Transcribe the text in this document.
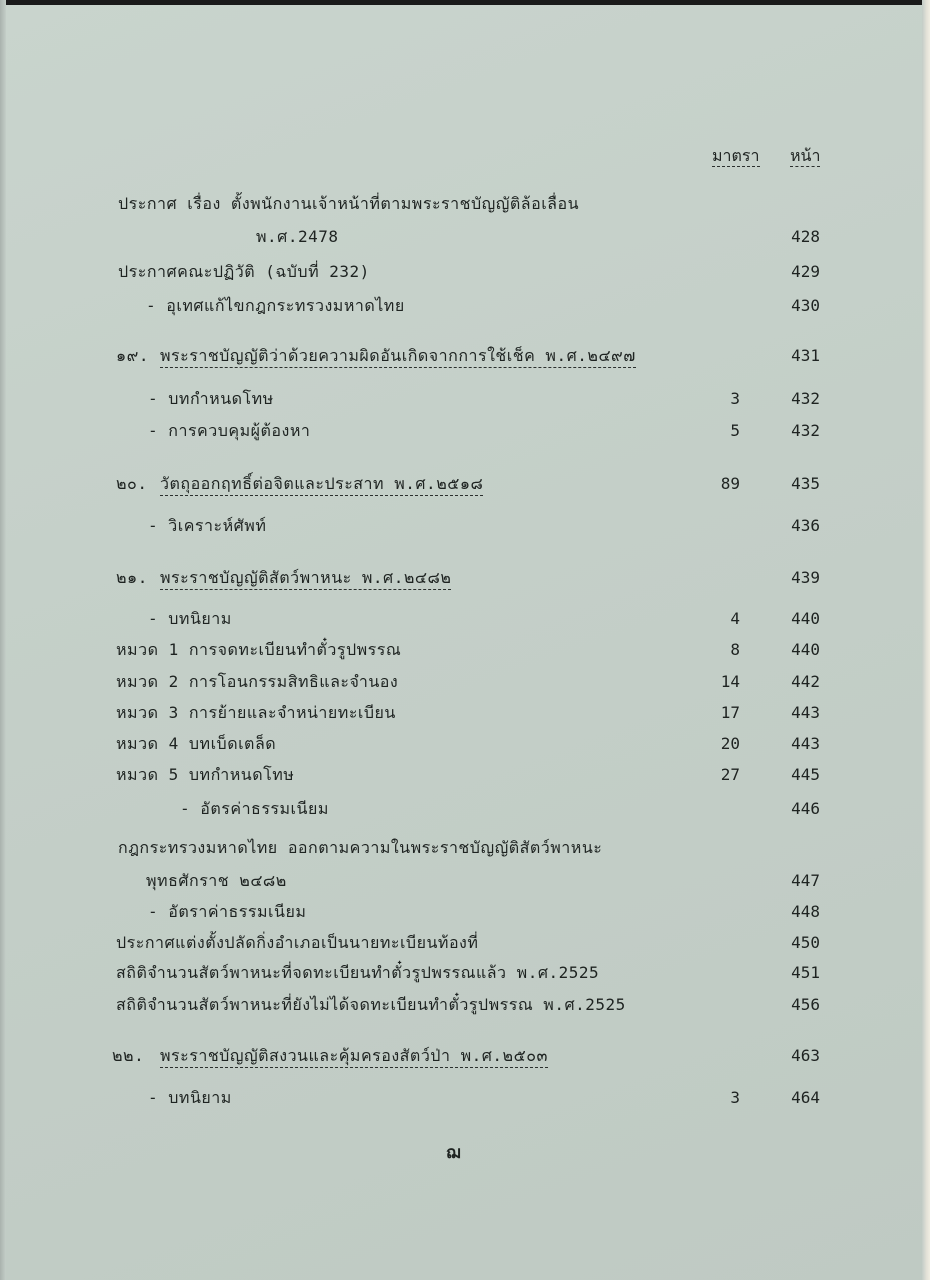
มาตรา หน้า
ประกาศ เรื่อง ตั้งพนักงานเจ้าหน้าที่ตามพระราชบัญญัติล้อเลื่อน
พ.ศ.2478	428
ประกาศคณะปฏิวัติ (ฉบับที่ 232)	429
- อุเทศแก้ไขกฎกระทรวงมหาดไทย	430
๑๙. พระราชบัญญัติว่าด้วยความผิดอันเกิดจากการใช้เช็ค พ.ศ.๒๔๙๗	431
- บทกำหนดโทษ	3	432
- การควบคุมผู้ต้องหา	5	432
๒๐. วัตถุออกฤทธิ์ต่อจิตและประสาท พ.ศ.๒๕๑๘	89	435
- วิเคราะห์ศัพท์	436
๒๑. พระราชบัญญัติสัตว์พาหนะ พ.ศ.๒๔๘๒	439
- บทนิยาม	4	440
หมวด 1 การจดทะเบียนทำตั๋วรูปพรรณ	8	440
หมวด 2 การโอนกรรมสิทธิและจำนอง	14	442
หมวด 3 การย้ายและจำหน่ายทะเบียน	17	443
หมวด 4 บทเบ็ดเตล็ด	20	443
หมวด 5 บทกำหนดโทษ	27	445
- อัตรค่าธรรมเนียม	446
กฎกระทรวงมหาดไทย ออกตามความในพระราชบัญญัติสัตว์พาหนะ
พุทธศักราช ๒๔๘๒	447
- อัตราค่าธรรมเนียม	448
ประกาศแต่งตั้งปลัดกิ่งอำเภอเป็นนายทะเบียนท้องที่	450
สถิติจำนวนสัตว์พาหนะที่จดทะเบียนทำตั๋วรูปพรรณแล้ว พ.ศ.2525	451
สถิติจำนวนสัตว์พาหนะที่ยังไม่ได้จดทะเบียนทำตั๋วรูปพรรณ พ.ศ.2525	456
๒๒. พระราชบัญญัติสงวนและคุ้มครองสัตว์ป่า พ.ศ.๒๕๐๓	463
- บทนิยาม	3	464
ฌ
